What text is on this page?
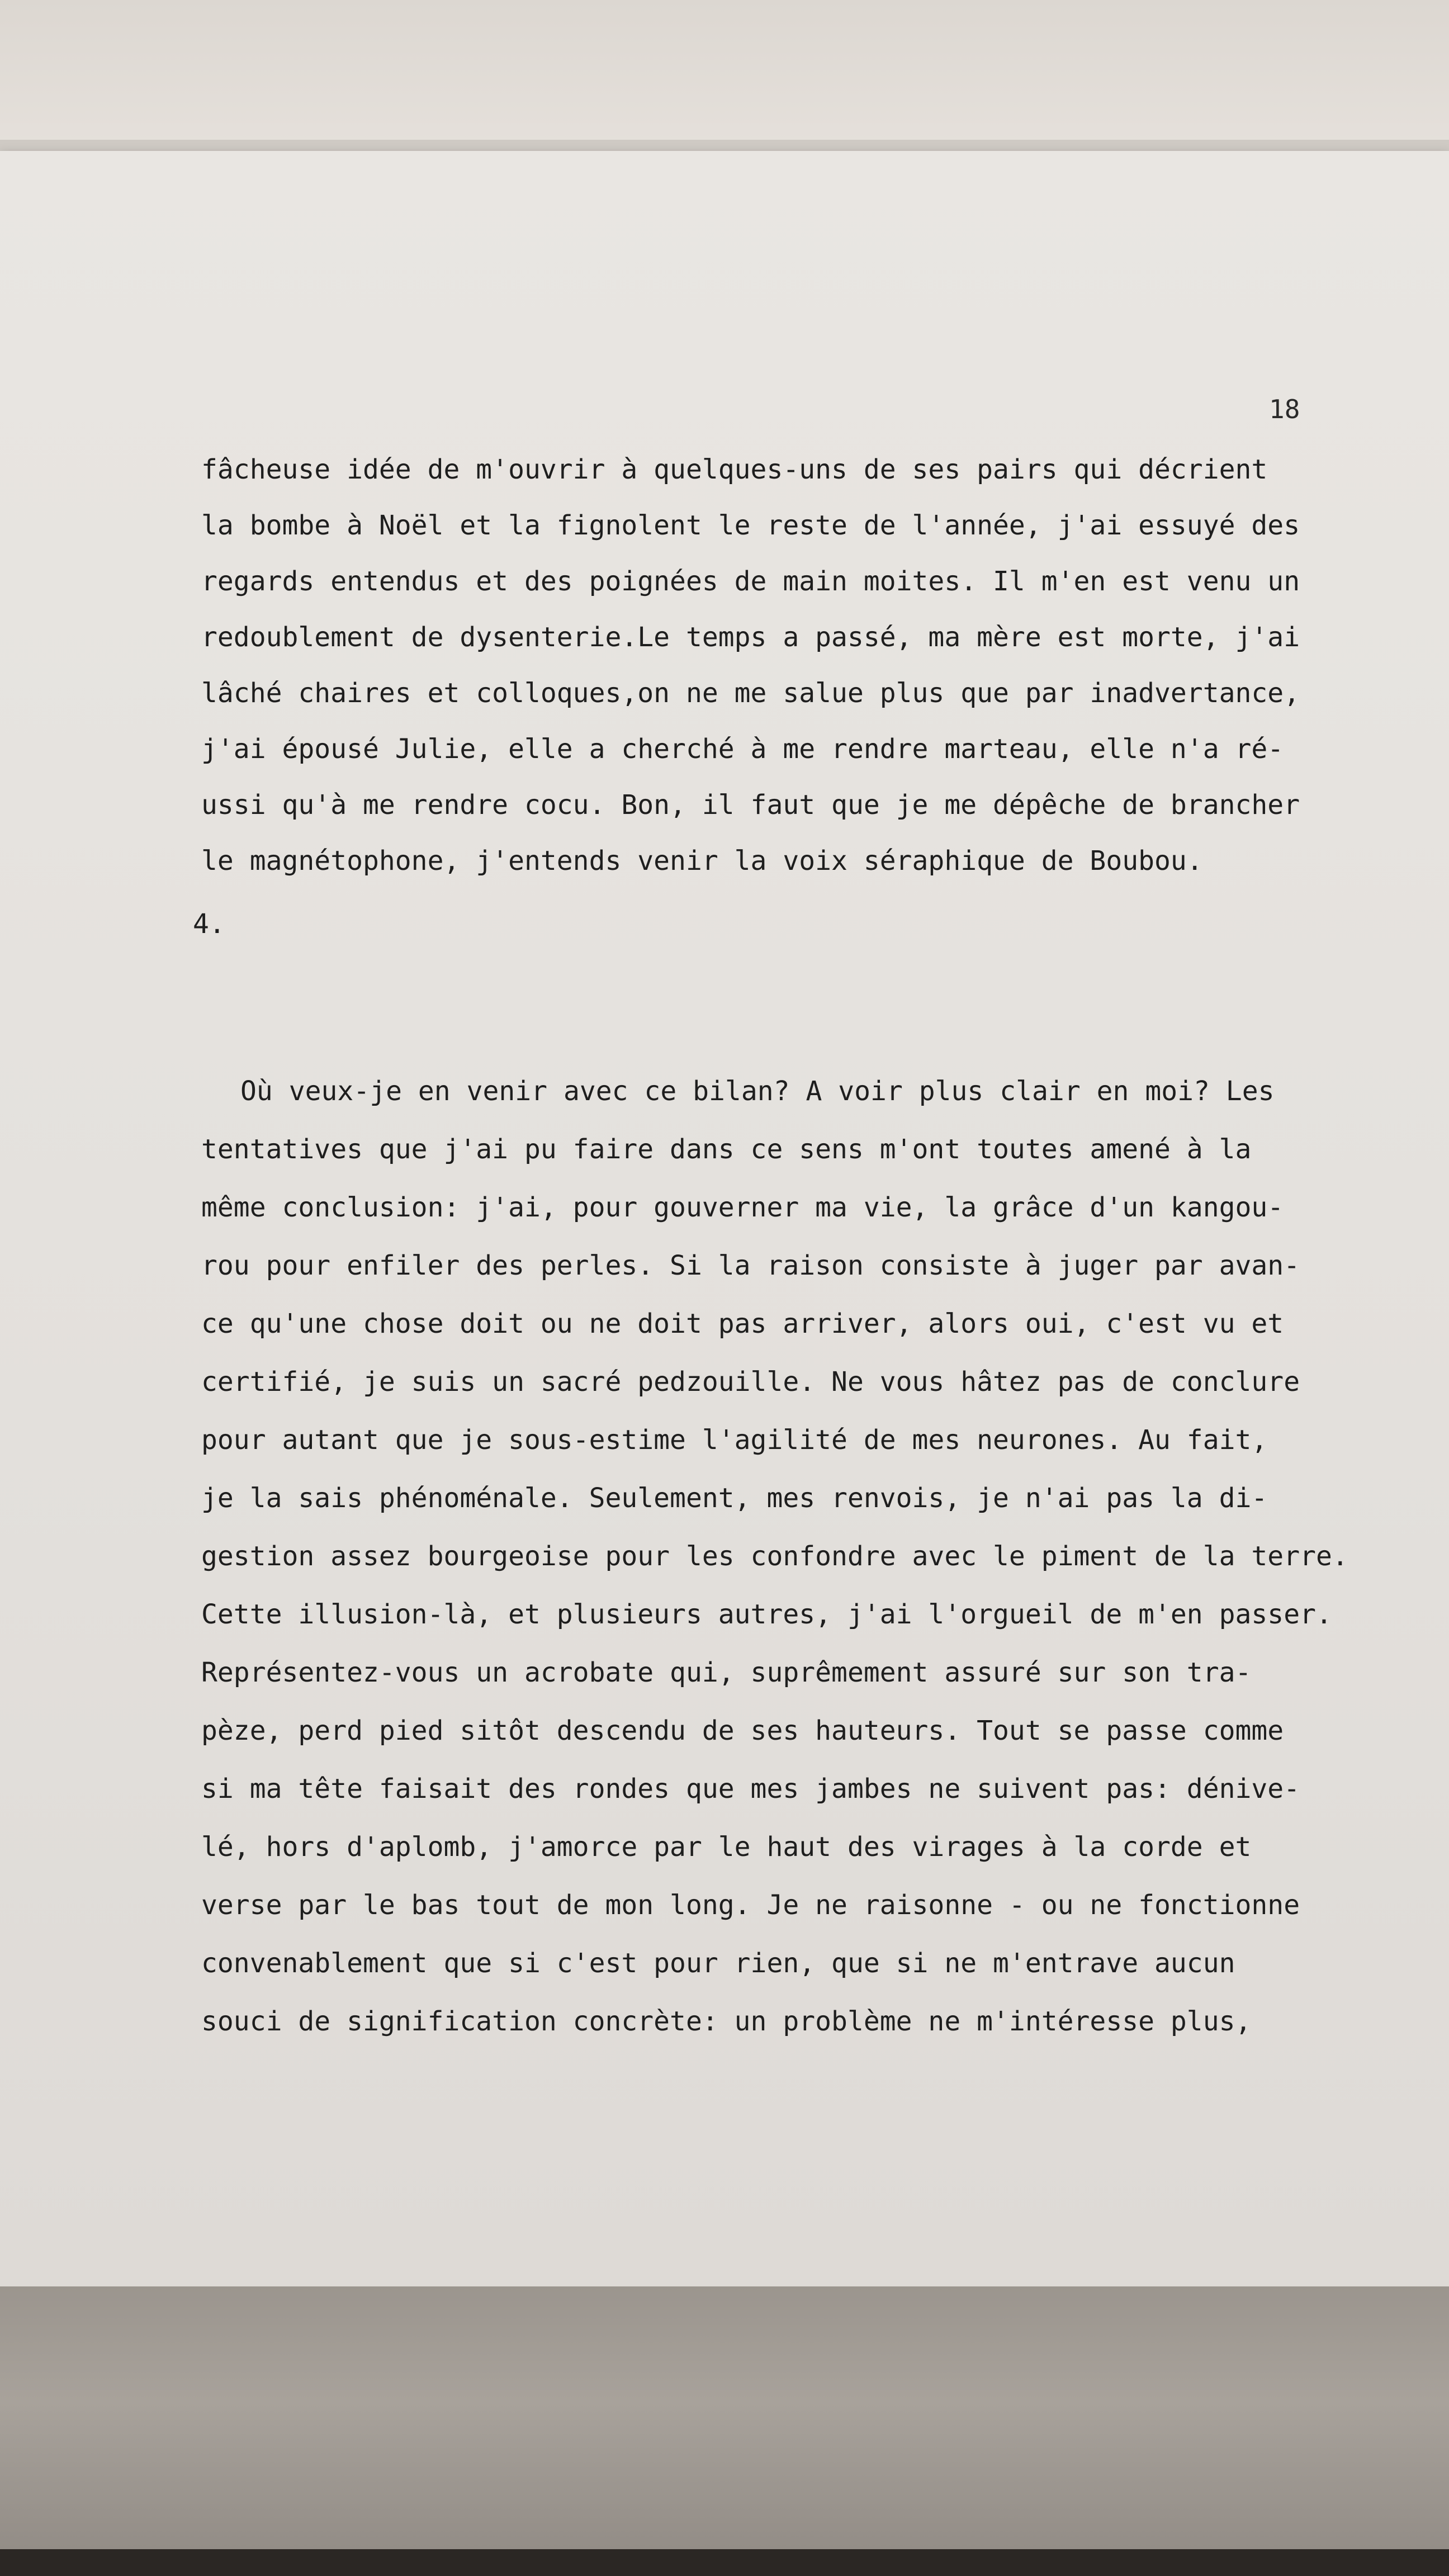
18
fâcheuse idée de m'ouvrir à quelques-uns de ses pairs qui décrient
la bombe à Noël et la fignolent le reste de l'année, j'ai essuyé des
regards entendus et des poignées de main moites. Il m'en est venu un
redoublement de dysenterie.Le temps a passé, ma mère est morte, j'ai
lâché chaires et colloques,on ne me salue plus que par inadvertance,
j'ai épousé Julie, elle a cherché à me rendre marteau, elle n'a ré-
ussi qu'à me rendre cocu. Bon, il faut que je me dépêche de brancher
le magnétophone, j'entends venir la voix séraphique de Boubou.
4.
Où veux-je en venir avec ce bilan? A voir plus clair en moi? Les
tentatives que j'ai pu faire dans ce sens m'ont toutes amené à la
même conclusion: j'ai, pour gouverner ma vie, la grâce d'un kangou-
rou pour enfiler des perles. Si la raison consiste à juger par avan-
ce qu'une chose doit ou ne doit pas arriver, alors oui, c'est vu et
certifié, je suis un sacré pedzouille. Ne vous hâtez pas de conclure
pour autant que je sous-estime l'agilité de mes neurones. Au fait,
je la sais phénoménale. Seulement, mes renvois, je n'ai pas la di-
gestion assez bourgeoise pour les confondre avec le piment de la terre.
Cette illusion-là, et plusieurs autres, j'ai l'orgueil de m'en passer.
Représentez-vous un acrobate qui, suprêmement assuré sur son tra-
pèze, perd pied sitôt descendu de ses hauteurs. Tout se passe comme
si ma tête faisait des rondes que mes jambes ne suivent pas: dénive-
lé, hors d'aplomb, j'amorce par le haut des virages à la corde et
verse par le bas tout de mon long. Je ne raisonne - ou ne fonctionne
convenablement que si c'est pour rien, que si ne m'entrave aucun
souci de signification concrète: un problème ne m'intéresse plus,
